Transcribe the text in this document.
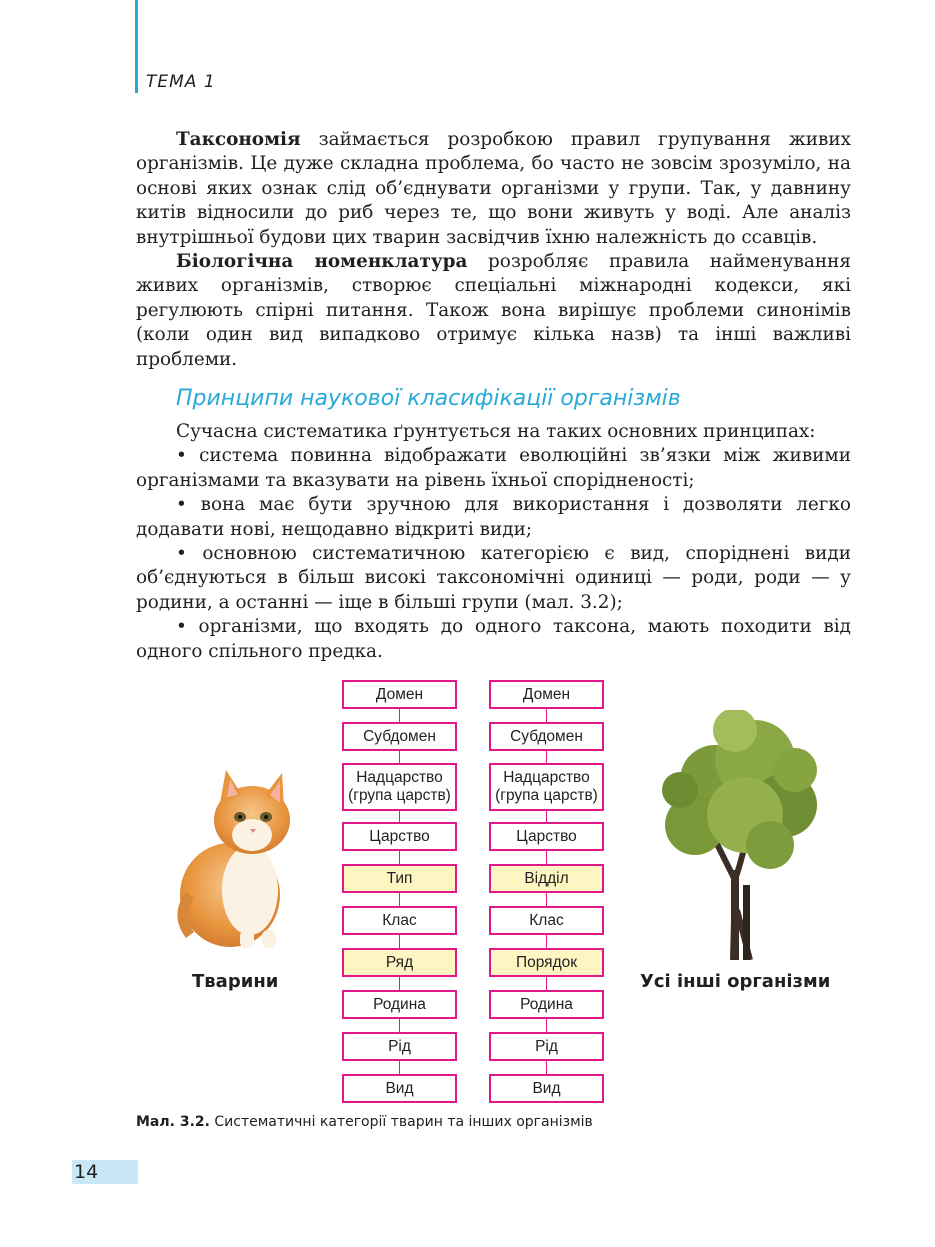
ТЕМА 1

Таксономія займається розробкою правил групування живих організмів. Це дуже складна проблема, бо часто не зовсім зрозуміло, на основі яких ознак слід об’єднувати організми у групи. Так, у давнину китів відносили до риб через те, що вони живуть у воді. Але аналіз внутрішньої будови цих тварин засвідчив їхню належність до ссавців.

Біологічна номенклатура розробляє правила найменування живих організмів, створює спеціальні міжнародні кодекси, які регулюють спірні питання. Також вона вирішує проблеми синонімів (коли один вид випадково отримує кілька назв) та інші важливі проблеми.

Принципи наукової класифікації організмів

Сучасна систематика ґрунтується на таких основних принципах:

• система повинна відображати еволюційні зв’язки між живими організмами та вказувати на рівень їхньої спорідненості;

• вона має бути зручною для використання і дозволяти легко додавати нові, нещодавно відкриті види;

• основною систематичною категорією є вид, споріднені види об’єднуються в більш високі таксономічні одиниці — роди, роди — у родини, а останні — іще в більші групи (мал. 3.2);

• організми, що входять до одного таксона, мають походити від одного спільного предка.

Тварини	Усі інші організми
Домен
Субдомен
Надцарство
(група царств)
Царство
Тип
Клас
Ряд
Родина
Рід
Вид
Домен
Субдомен
Надцарство
(група царств)
Царство
Відділ
Клас
Порядок
Родина
Рід
Вид
Мал. 3.2. Систематичні категорії тварин та інших організмів
14
